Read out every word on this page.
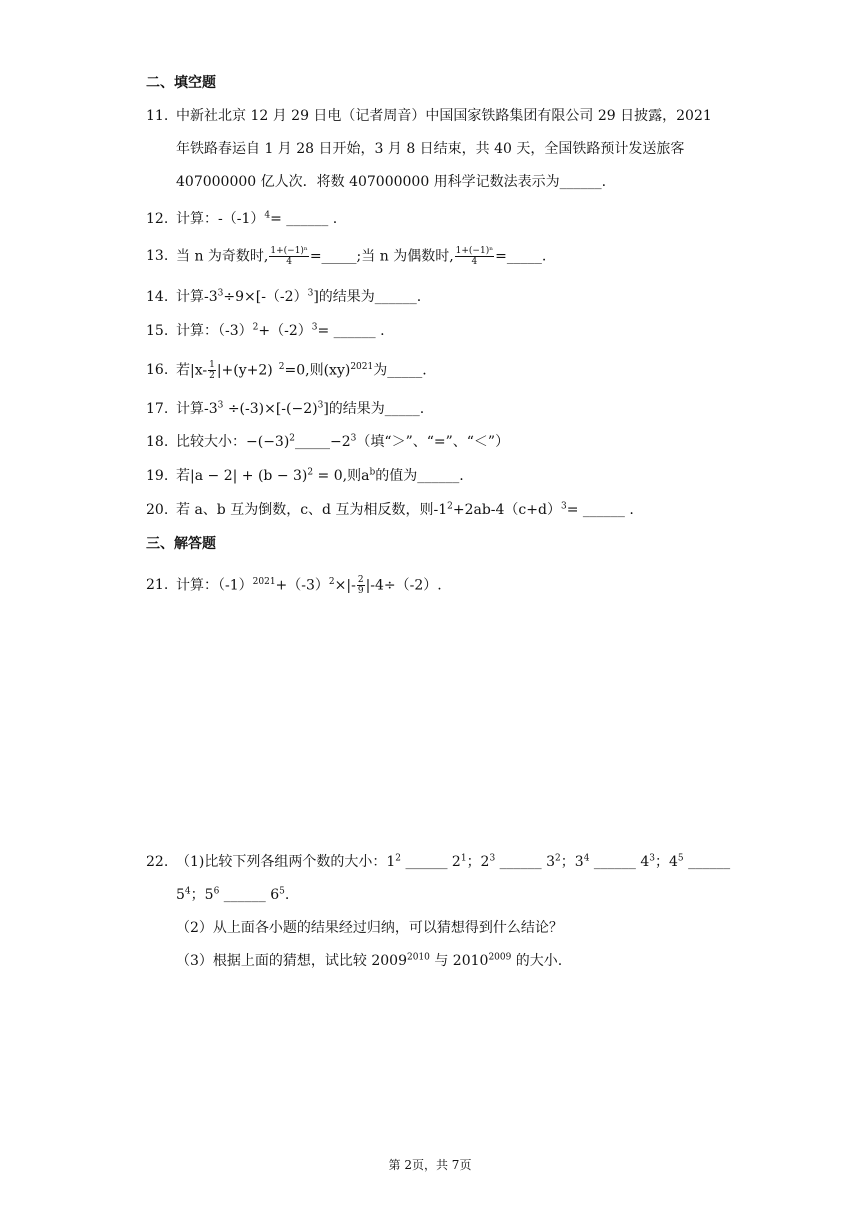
二、填空题
11. 中新社北京 12 月 29 日电（记者周音）中国国家铁路集团有限公司 29 日披露，2021
年铁路春运自 1 月 28 日开始，3 月 8 日结束，共 40 天，全国铁路预计发送旅客
407000000 亿人次．将数 407000000 用科学记数法表示为______.
12. 计算：$-(-1)^4=$ ______ .
13. 当 n 为奇数时, $\frac{\text{1+(−1)ⁿ}}{4}$ =_____;当 n 为偶数时, $\frac{\text{1+(−1)ⁿ}}{4}$ =_____.
14. 计算$-3^3\div 9\times[-(-2)^3]$的结果为______.
15. 计算：$(-3)^2+(-2)^3=$ ______ .
16. 若$|x- \frac{1}{2} |+(y+2)$ $^2$=0,则(xy)$^{2021}$为_____.
17. 计算$-3^3 \div(-3)\times[-(-2)^3]$的结果为_____.
18. 比较大小：$-(-3)^2\_\_\_\_\_-2^3$（填“＞”、“=”、“＜”）
19. 若$|a - 2| + (b - 3)^2 = 0$,则$a^b$的值为______.
20. 若 a、b 互为倒数，c、d 互为相反数，则$-1^2+2ab-4(c+d)^3=$ ______ .
三、解答题
21. 计算：$(-1)^{2021}+(-3)^2\times|- \frac{2}{9} |-4\div(-2)$.
22. （1)比较下列各组两个数的大小：$1^2$ ______ $2^1$；$2^3$ ______ $3^2$；$3^4$ ______ $4^3$；$4^5$ ______
$5^4$；$5^6$ ______ $6^5$.
（2）从上面各小题的结果经过归纳，可以猜想得到什么结论？
（3）根据上面的猜想，试比较 $2009^{2010}$ 与 $2010^{2009}$ 的大小.
第 2页，共 7页
